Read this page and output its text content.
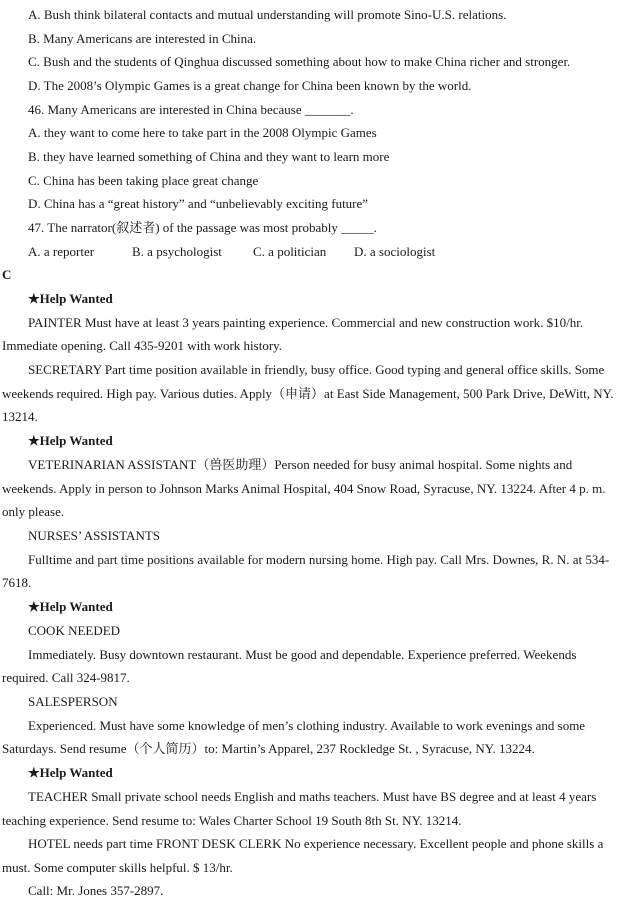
A. Bush think bilateral contacts and mutual understanding will promote Sino-U.S. relations.
B. Many Americans are interested in China.
C. Bush and the students of Qinghua discussed something about how to make China richer and stronger.
D. The 2008’s Olympic Games is a great change for China been known by the world.
46. Many Americans are interested in China because _______.
A. they want to come here to take part in the 2008 Olympic Games
B. they have learned something of China and they want to learn more
C. China has been taking place great change
D. China has a “great history” and “unbelievably exciting future”
47. The narrator(叙述者) of the passage was most probably _____.
A. a reporter	B. a psychologist C. a politician D. a sociologist
C
★Help Wanted
PAINTER Must have at least 3 years painting experience. Commercial and new construction work. $10/hr.
Immediate opening. Call 435-9201 with work history.
SECRETARY Part time position available in friendly, busy office. Good typing and general office skills. Some
weekends required. High pay. Various duties. Apply（申请）at East Side Management, 500 Park Drive, DeWitt, NY.
13214.
★Help Wanted
VETERINARIAN ASSISTANT（兽医助理）Person needed for busy animal hospital. Some nights and
weekends. Apply in person to Johnson Marks Animal Hospital, 404 Snow Road, Syracuse, NY. 13224. After 4 p. m.
only please.
NURSES’ ASSISTANTS
Fulltime and part time positions available for modern nursing home. High pay. Call Mrs. Downes, R. N. at 534-
7618.
★Help Wanted
COOK NEEDED
Immediately. Busy downtown restaurant. Must be good and dependable. Experience preferred. Weekends
required. Call 324-9817.
SALESPERSON
Experienced. Must have some knowledge of men’s clothing industry. Available to work evenings and some
Saturdays. Send resume（个人简历）to: Martin’s Apparel, 237 Rockledge St. , Syracuse, NY. 13224.
★Help Wanted
TEACHER Small private school needs English and maths teachers. Must have BS degree and at least 4 years
teaching experience. Send resume to: Wales Charter School 19 South 8th St. NY. 13214.
HOTEL needs part time FRONT DESK CLERK No experience necessary. Excellent people and phone skills a
must. Some computer skills helpful. $ 13/hr.
Call: Mr. Jones 357-2897.
